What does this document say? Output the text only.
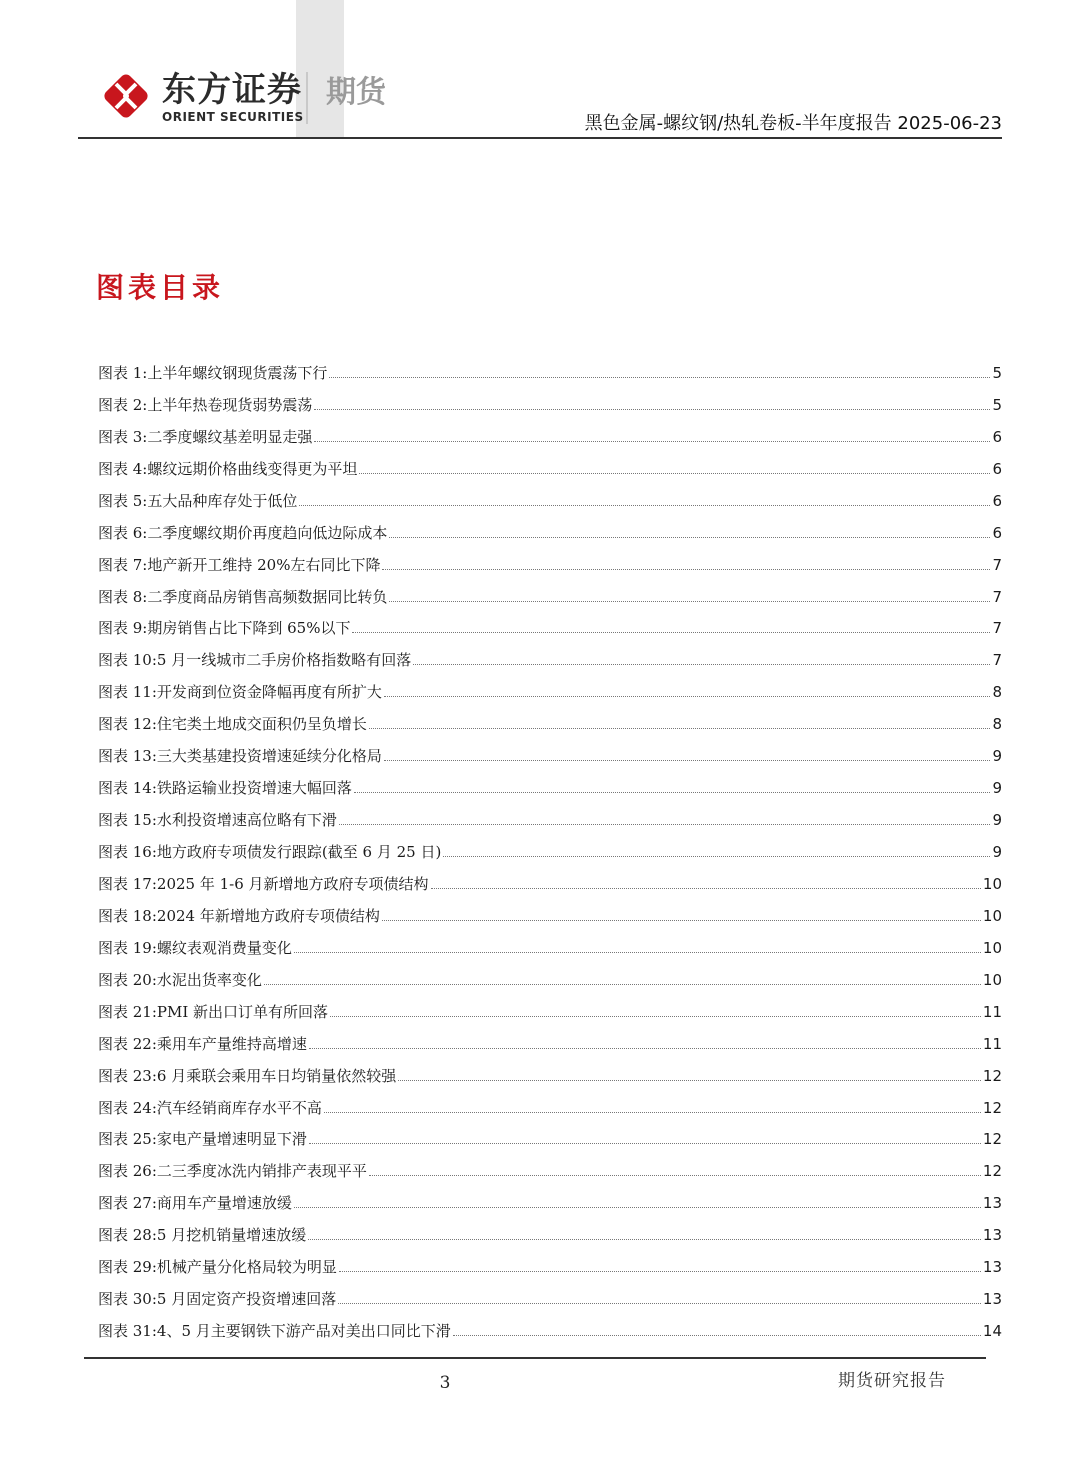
东方证券
ORIENT SECURITIES
期货
黑色金属-螺纹钢/热轧卷板-半年度报告 2025-06-23
图表目录
图表 1:上半年螺纹钢现货震荡下行	5
图表 2:上半年热卷现货弱势震荡	5
图表 3:二季度螺纹基差明显走强	6
图表 4:螺纹远期价格曲线变得更为平坦	6
图表 5:五大品种库存处于低位	6
图表 6:二季度螺纹期价再度趋向低边际成本	6
图表 7:地产新开工维持 20%左右同比下降	7
图表 8:二季度商品房销售高频数据同比转负	7
图表 9:期房销售占比下降到 65%以下	7
图表 10:5 月一线城市二手房价格指数略有回落	7
图表 11:开发商到位资金降幅再度有所扩大	8
图表 12:住宅类土地成交面积仍呈负增长	8
图表 13:三大类基建投资增速延续分化格局	9
图表 14:铁路运输业投资增速大幅回落	9
图表 15:水利投资增速高位略有下滑	9
图表 16:地方政府专项债发行跟踪(截至 6 月 25 日)	9
图表 17:2025 年 1-6 月新增地方政府专项债结构	10
图表 18:2024 年新增地方政府专项债结构	10
图表 19:螺纹表观消费量变化	10
图表 20:水泥出货率变化	10
图表 21:PMI 新出口订单有所回落	11
图表 22:乘用车产量维持高增速	11
图表 23:6 月乘联会乘用车日均销量依然较强	12
图表 24:汽车经销商库存水平不高	12
图表 25:家电产量增速明显下滑	12
图表 26:二三季度冰洗内销排产表现平平	12
图表 27:商用车产量增速放缓	13
图表 28:5 月挖机销量增速放缓	13
图表 29:机械产量分化格局较为明显	13
图表 30:5 月固定资产投资增速回落	13
图表 31:4、5 月主要钢铁下游产品对美出口同比下滑	14
3	期货研究报告
